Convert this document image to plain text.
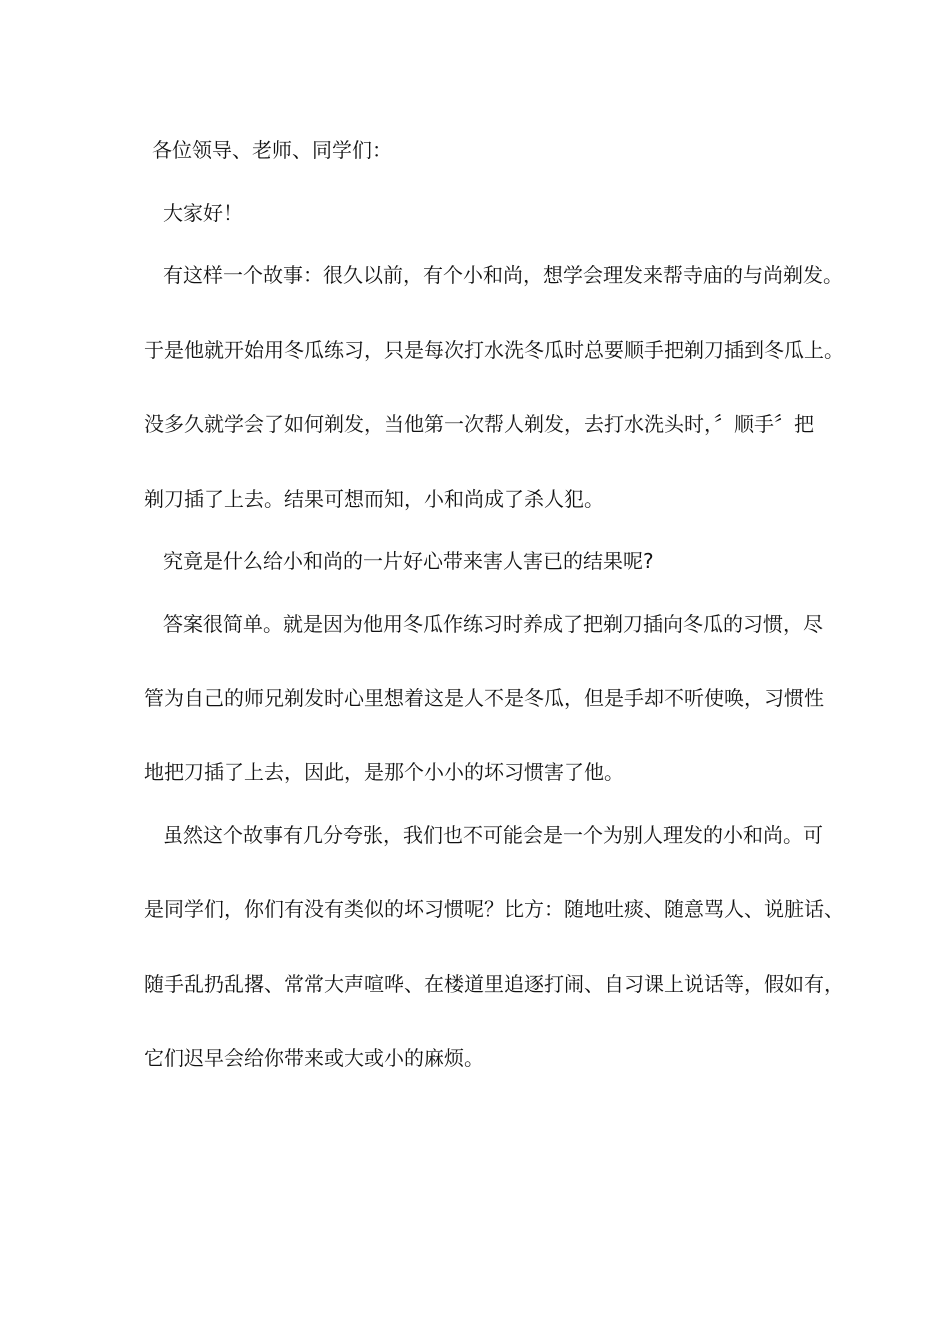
各位领导、老师、同学们：
大家好！
有这样一个故事：很久以前，有个小和尚，想学会理发来帮寺庙的与尚剃发。
于是他就开始用冬瓜练习，只是每次打水洗冬瓜时总要顺手把剃刀插到冬瓜上。
没多久就学会了如何剃发，当他第一次帮人剃发，去打水洗头时，〞顺手〞把
剃刀插了上去。结果可想而知，小和尚成了杀人犯。
究竟是什么给小和尚的一片好心带来害人害已的结果呢?
答案很简单。就是因为他用冬瓜作练习时养成了把剃刀插向冬瓜的习惯，尽
管为自己的师兄剃发时心里想着这是人不是冬瓜，但是手却不听使唤，习惯性
地把刀插了上去，因此，是那个小小的坏习惯害了他。
虽然这个故事有几分夸张，我们也不可能会是一个为别人理发的小和尚。可
是同学们，你们有没有类似的坏习惯呢？比方：随地吐痰、随意骂人、说脏话、
随手乱扔乱撂、常常大声喧哗、在楼道里追逐打闹、自习课上说话等，假如有，
它们迟早会给你带来或大或小的麻烦。
